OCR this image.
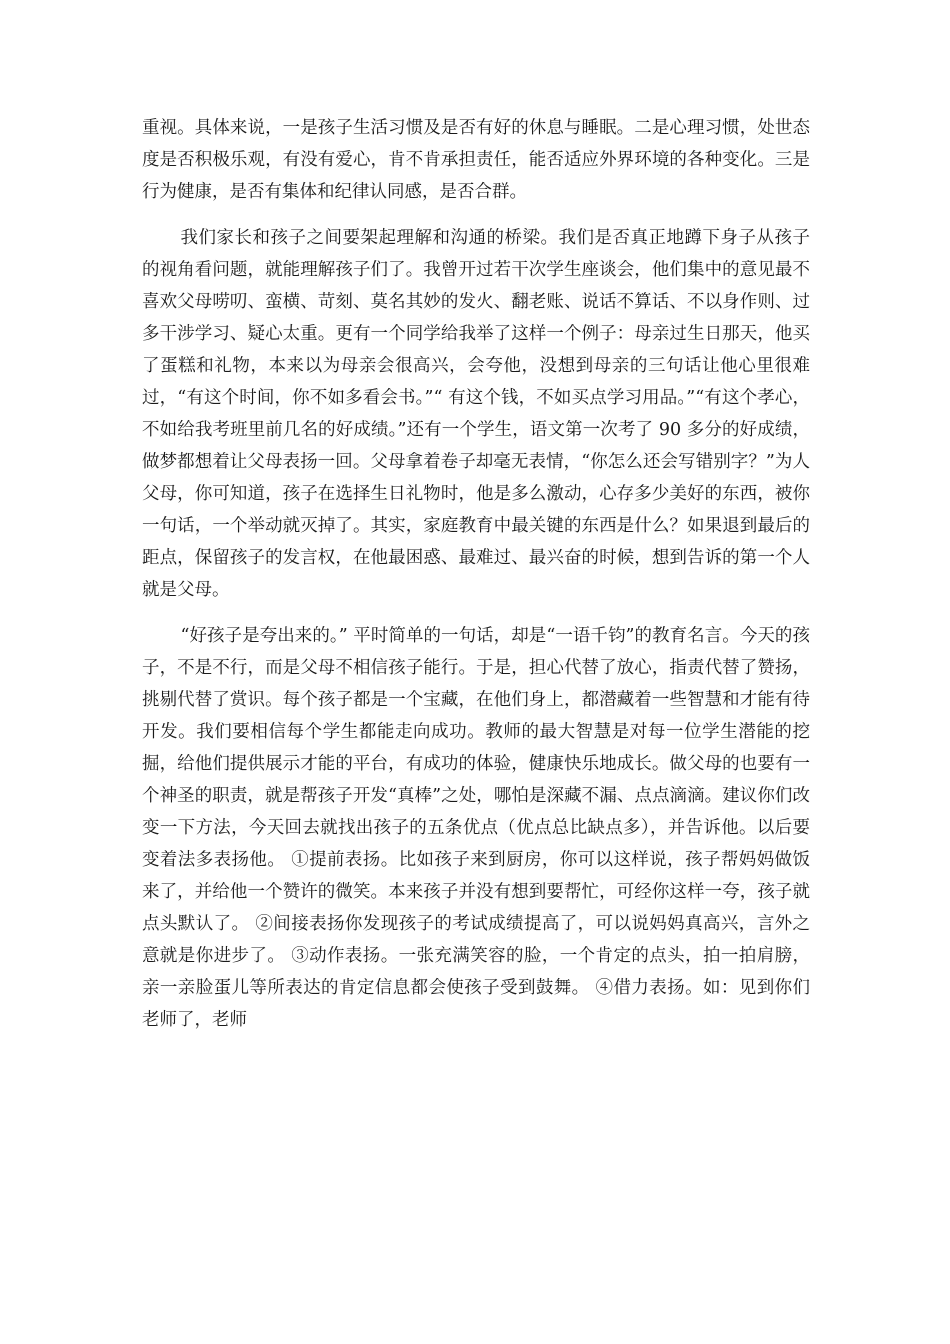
重视。具体来说，一是孩子生活习惯及是否有好的休息与睡眠。二是心理习惯，处世态度是否积极乐观，有没有爱心，肯不肯承担责任，能否适应外界环境的各种变化。三是行为健康，是否有集体和纪律认同感，是否合群。

我们家长和孩子之间要架起理解和沟通的桥梁。我们是否真正地蹲下身子从孩子的视角看问题，就能理解孩子们了。我曾开过若干次学生座谈会，他们集中的意见最不喜欢父母唠叨、蛮横、苛刻、莫名其妙的发火、翻老账、说话不算话、不以身作则、过多干涉学习、疑心太重。更有一个同学给我举了这样一个例子：母亲过生日那天，他买了蛋糕和礼物，本来以为母亲会很高兴，会夸他，没想到母亲的三句话让他心里很难过，“有这个时间，你不如多看会书。”“ 有这个钱，不如买点学习用品。”“有这个孝心，不如给我考班里前几名的好成绩。”还有一个学生，语文第一次考了 90 多分的好成绩，做梦都想着让父母表扬一回。父母拿着卷子却毫无表情，“你怎么还会写错别字？”为人父母，你可知道，孩子在选择生日礼物时，他是多么激动，心存多少美好的东西，被你一句话，一个举动就灭掉了。其实，家庭教育中最关键的东西是什么？如果退到最后的距点，保留孩子的发言权，在他最困惑、最难过、最兴奋的时候，想到告诉的第一个人就是父母。

“好孩子是夸出来的。” 平时简单的一句话，却是“一语千钧”的教育名言。今天的孩子，不是不行，而是父母不相信孩子能行。于是，担心代替了放心，指责代替了赞扬，挑剔代替了赏识。每个孩子都是一个宝藏，在他们身上，都潜藏着一些智慧和才能有待开发。我们要相信每个学生都能走向成功。教师的最大智慧是对每一位学生潜能的挖掘，给他们提供展示才能的平台，有成功的体验，健康快乐地成长。做父母的也要有一个神圣的职责，就是帮孩子开发“真棒”之处，哪怕是深藏不漏、点点滴滴。建议你们改变一下方法，今天回去就找出孩子的五条优点（优点总比缺点多），并告诉他。以后要变着法多表扬他。 ①提前表扬。比如孩子来到厨房，你可以这样说，孩子帮妈妈做饭来了，并给他一个赞许的微笑。本来孩子并没有想到要帮忙，可经你这样一夸，孩子就点头默认了。 ②间接表扬你发现孩子的考试成绩提高了，可以说妈妈真高兴，言外之意就是你进步了。 ③动作表扬。一张充满笑容的脸，一个肯定的点头，拍一拍肩膀，亲一亲脸蛋儿等所表达的肯定信息都会使孩子受到鼓舞。 ④借力表扬。如：见到你们老师了，老师
